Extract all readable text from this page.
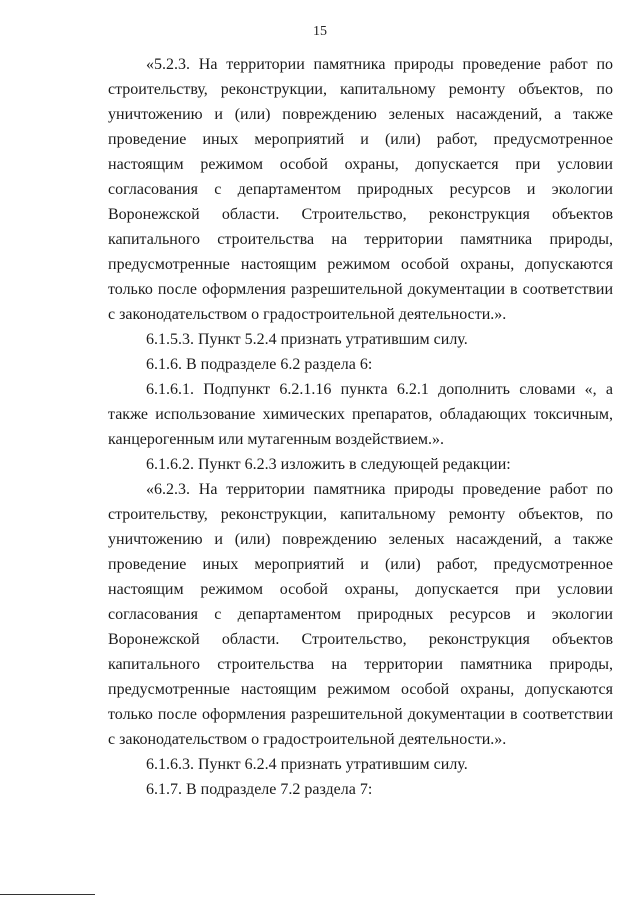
15

«5.2.3. На территории памятника природы проведение работ по строительству, реконструкции, капитальному ремонту объектов, по уничтожению и (или) повреждению зеленых насаждений, а также проведение иных мероприятий и (или) работ, предусмотренное настоящим режимом особой охраны, допускается при условии согласования с департаментом природных ресурсов и экологии Воронежской области. Строительство, реконструкция объектов капитального строительства на территории памятника природы, предусмотренные настоящим режимом особой охраны, допускаются только после оформления разрешительной документации в соответствии с законодательством о градостроительной деятельности.».

6.1.5.3. Пункт 5.2.4 признать утратившим силу.

6.1.6. В подразделе 6.2 раздела 6:

6.1.6.1. Подпункт 6.2.1.16 пункта 6.2.1 дополнить словами «, а также использование химических препаратов, обладающих токсичным, канцерогенным или мутагенным воздействием.».

6.1.6.2. Пункт 6.2.3 изложить в следующей редакции:

«6.2.3. На территории памятника природы проведение работ по строительству, реконструкции, капитальному ремонту объектов, по уничтожению и (или) повреждению зеленых насаждений, а также проведение иных мероприятий и (или) работ, предусмотренное настоящим режимом особой охраны, допускается при условии согласования с департаментом природных ресурсов и экологии Воронежской области. Строительство, реконструкция объектов капитального строительства на территории памятника природы, предусмотренные настоящим режимом особой охраны, допускаются только после оформления разрешительной документации в соответствии с законодательством о градостроительной деятельности.».

6.1.6.3. Пункт 6.2.4 признать утратившим силу.

6.1.7. В подразделе 7.2 раздела 7:
